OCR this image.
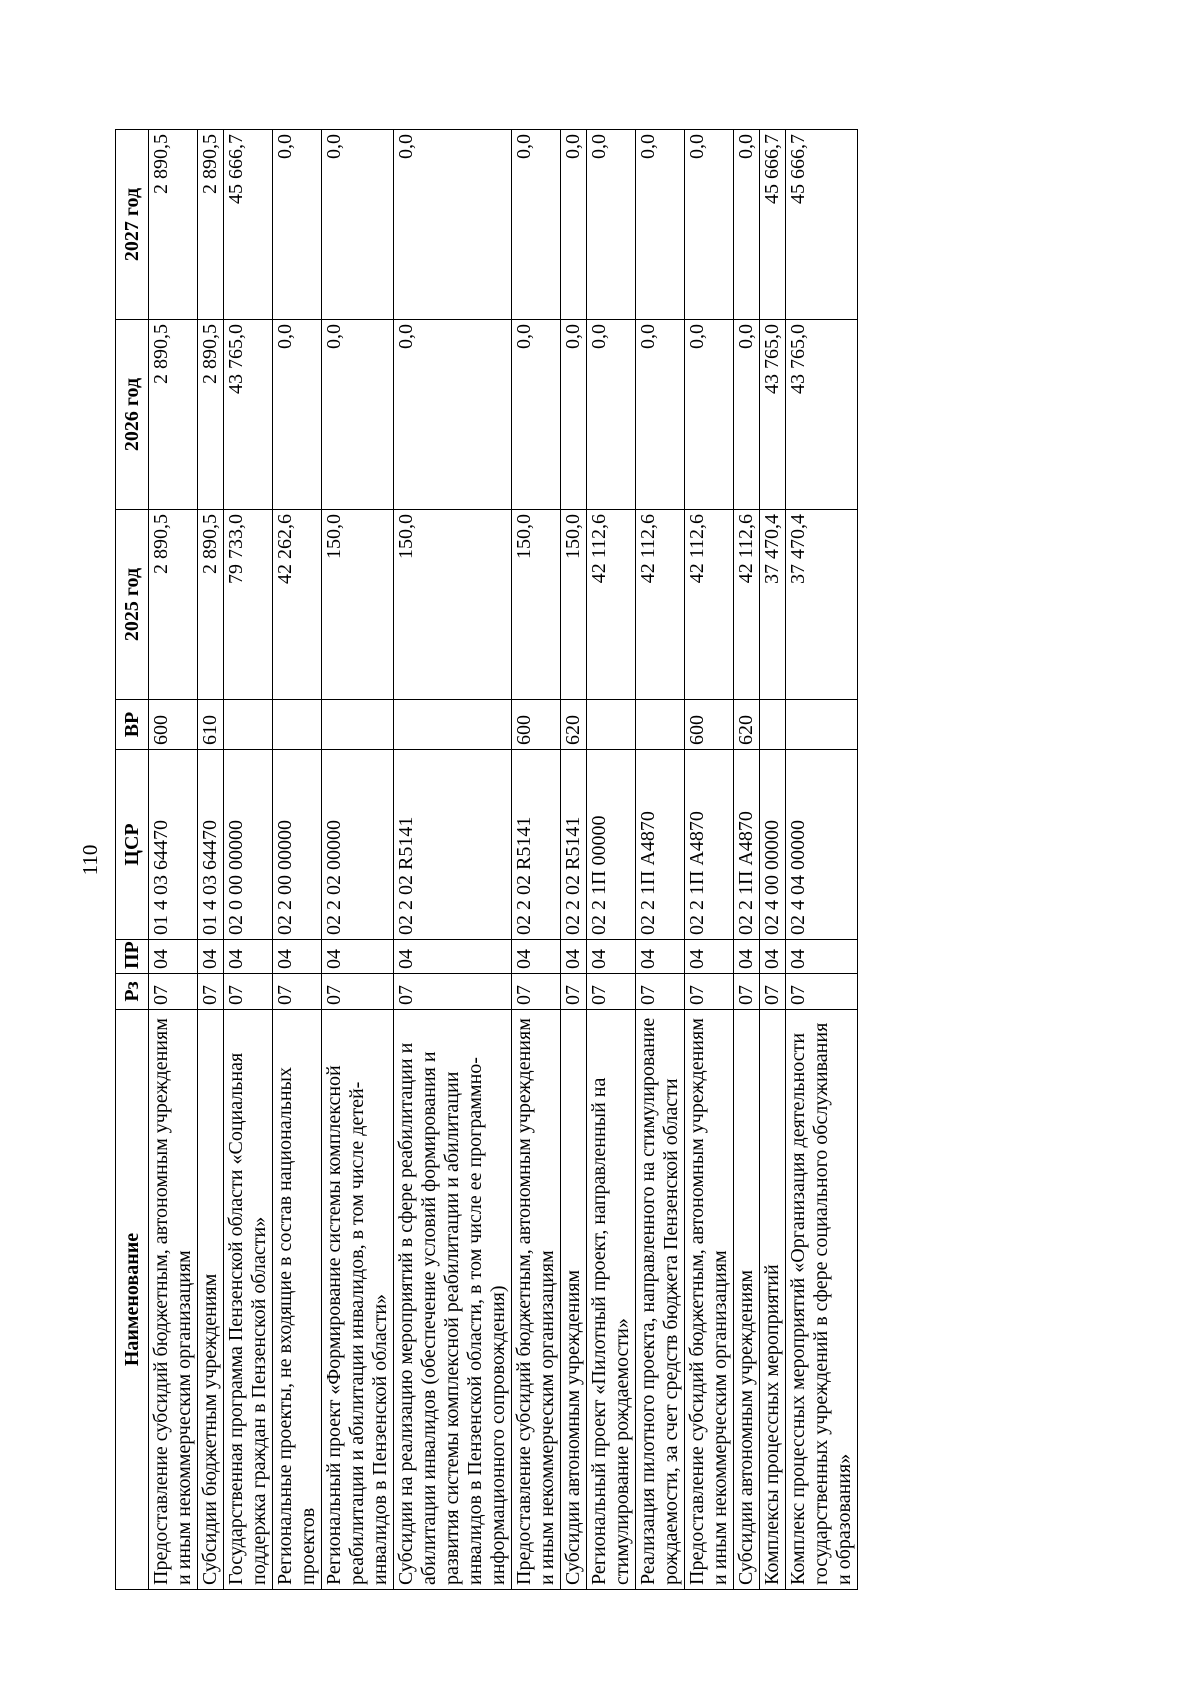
110
Наименование	Рз	ПР	ЦСР	ВР	2025 год	2026 год	2027 год
Предоставление субсидий бюджетным, автономным учреждениям и иным некоммерческим организациям	07	04	01 4 03 64470	600	2 890,5	2 890,5	2 890,5
Субсидии бюджетным учреждениям	07	04	01 4 03 64470	610	2 890,5	2 890,5	2 890,5
Государственная программа Пензенской области «Социальная поддержка граждан в Пензенской области»	07	04	02 0 00 00000		79 733,0	43 765,0	45 666,7
Региональные проекты, не входящие в состав национальных проектов	07	04	02 2 00 00000		42 262,6	0,0	0,0
Региональный проект «Формирование системы комплексной реабилитации и абилитации инвалидов, в том числе детей-инвалидов в Пензенской области»	07	04	02 2 02 00000		150,0	0,0	0,0
Субсидии на реализацию мероприятий в сфере реабилитации и абилитации инвалидов (обеспечение условий формирования и развития системы комплексной реабилитации и абилитации инвалидов в Пензенской области, в том числе ее программно-информационного сопровождения)	07	04	02 2 02 R5141		150,0	0,0	0,0
Предоставление субсидий бюджетным, автономным учреждениям и иным некоммерческим организациям	07	04	02 2 02 R5141	600	150,0	0,0	0,0
Субсидии автономным учреждениям	07	04	02 2 02 R5141	620	150,0	0,0	0,0
Региональный проект «Пилотный проект, направленный на стимулирование рождаемости»	07	04	02 2 1П 00000		42 112,6	0,0	0,0
Реализация пилотного проекта, направленного на стимулирование рождаемости, за счет средств бюджета Пензенской области	07	04	02 2 1П А4870		42 112,6	0,0	0,0
Предоставление субсидий бюджетным, автономным учреждениям и иным некоммерческим организациям	07	04	02 2 1П А4870	600	42 112,6	0,0	0,0
Субсидии автономным учреждениям	07	04	02 2 1П А4870	620	42 112,6	0,0	0,0
Комплексы процессных мероприятий	07	04	02 4 00 00000		37 470,4	43 765,0	45 666,7
Комплекс процессных мероприятий «Организация деятельности государственных учреждений в сфере социального обслуживания и образования»	07	04	02 4 04 00000		37 470,4	43 765,0	45 666,7
